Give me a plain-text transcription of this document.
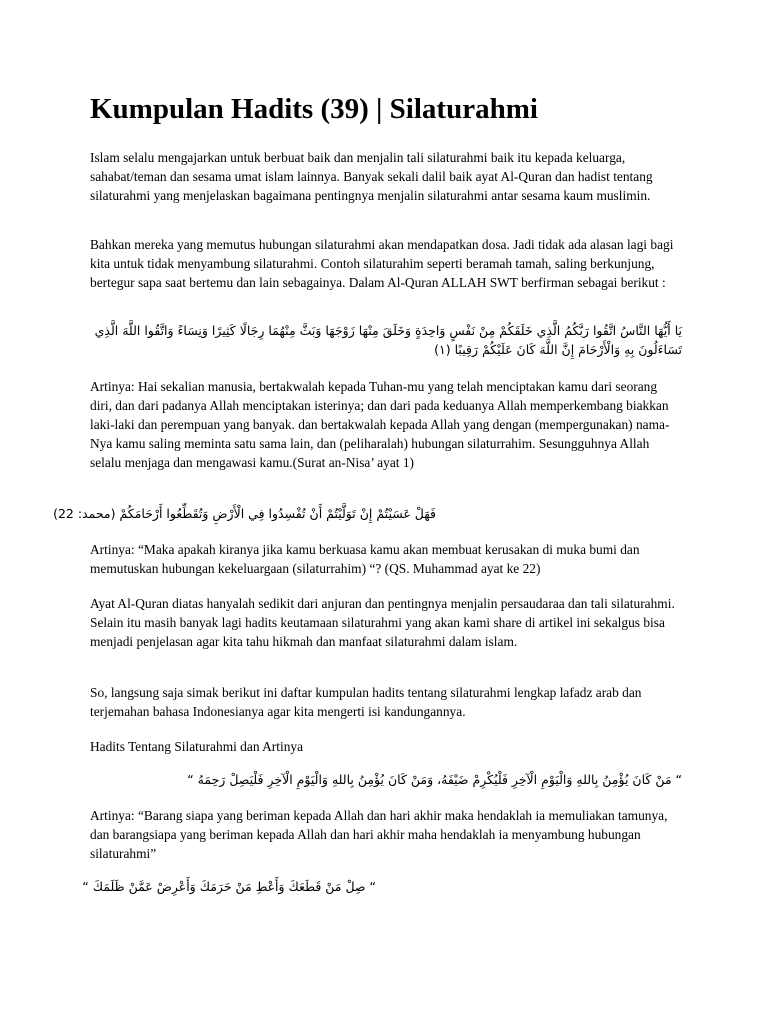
Kumpulan Hadits (39) | Silaturahmi

Islam selalu mengajarkan untuk berbuat baik dan menjalin tali silaturahmi baik itu kepada keluarga, sahabat/teman dan sesama umat islam lainnya. Banyak sekali dalil baik ayat Al-Quran dan hadist tentang silaturahmi yang menjelaskan bagaimana pentingnya menjalin silaturahmi antar sesama kaum muslimin.

Bahkan mereka yang memutus hubungan silaturahmi akan mendapatkan dosa. Jadi tidak ada alasan lagi bagi kita untuk tidak menyambung silaturahmi. Contoh silaturahim seperti beramah tamah, saling berkunjung, bertegur sapa saat bertemu dan lain sebagainya. Dalam Al-Quran ALLAH SWT berfirman sebagai berikut :

يَا أَيُّهَا النَّاسُ اتَّقُوا رَبَّكُمُ الَّذِي خَلَقَكُمْ مِنْ نَفْسٍ وَاحِدَةٍ وَخَلَقَ مِنْهَا زَوْجَهَا وَبَثَّ مِنْهُمَا رِجَالًا كَثِيرًا وَنِسَاءً وَاتَّقُوا اللَّهَ الَّذِي تَسَاءَلُونَ بِهِ وَالْأَرْحَامَ إِنَّ اللَّهَ كَانَ عَلَيْكُمْ رَقِيبًا (١)

Artinya: Hai sekalian manusia, bertakwalah kepada Tuhan-mu yang telah menciptakan kamu dari seorang diri, dan dari padanya Allah menciptakan isterinya; dan dari pada keduanya Allah memperkembang biakkan laki-laki dan perempuan yang banyak. dan bertakwalah kepada Allah yang dengan (mempergunakan) nama-Nya kamu saling meminta satu sama lain, dan (peliharalah) hubungan silaturrahim. Sesungguhnya Allah selalu menjaga dan mengawasi kamu.(Surat an-Nisa’ ayat 1)

فَهَلْ عَسَيْتُمْ إِنْ تَوَلَّيْتُمْ أَنْ تُفْسِدُوا فِي الْأَرْضِ وَتُقَطِّعُوا أَرْحَامَكُمْ (محمد: 22)

Artinya: “Maka apakah kiranya jika kamu berkuasa kamu akan membuat kerusakan di muka bumi dan memutuskan hubungan kekeluargaan (silaturrahim) “? (QS. Muhammad ayat ke 22)

Ayat Al-Quran diatas hanyalah sedikit dari anjuran dan pentingnya menjalin persaudaraa dan tali silaturahmi. Selain itu masih banyak lagi hadits keutamaan silaturahmi yang akan kami share di artikel ini sekalgus bisa menjadi penjelasan agar kita tahu hikmah dan manfaat silaturahmi dalam islam.

So, langsung saja simak berikut ini daftar kumpulan hadits tentang silaturahmi lengkap lafadz arab dan terjemahan bahasa Indonesianya agar kita mengerti isi kandungannya.

Hadits Tentang Silaturahmi dan Artinya

“ مَنْ كَانَ يُؤْمِنُ بِاللهِ وَالْيَوْمِ الْآخِرِ فَلْيُكْرِمْ ضَيْفَهُ، وَمَنْ كَانَ يُؤْمِنُ بِاللهِ وَالْيَوْمِ الْآخِرِ فَلْيَصِلْ رَحِمَهُ “

Artinya: “Barang siapa yang beriman kepada Allah dan hari akhir maka hendaklah ia memuliakan tamunya, dan barangsiapa yang beriman kepada Allah dan hari akhir maha hendaklah ia menyambung hubungan silaturahmi”

“ صِلْ مَنْ قَطَعَكَ وَأَعْطِ مَنْ حَرَمَكَ وَأَعْرِضْ عَمَّنْ ظَلَمَكَ “
